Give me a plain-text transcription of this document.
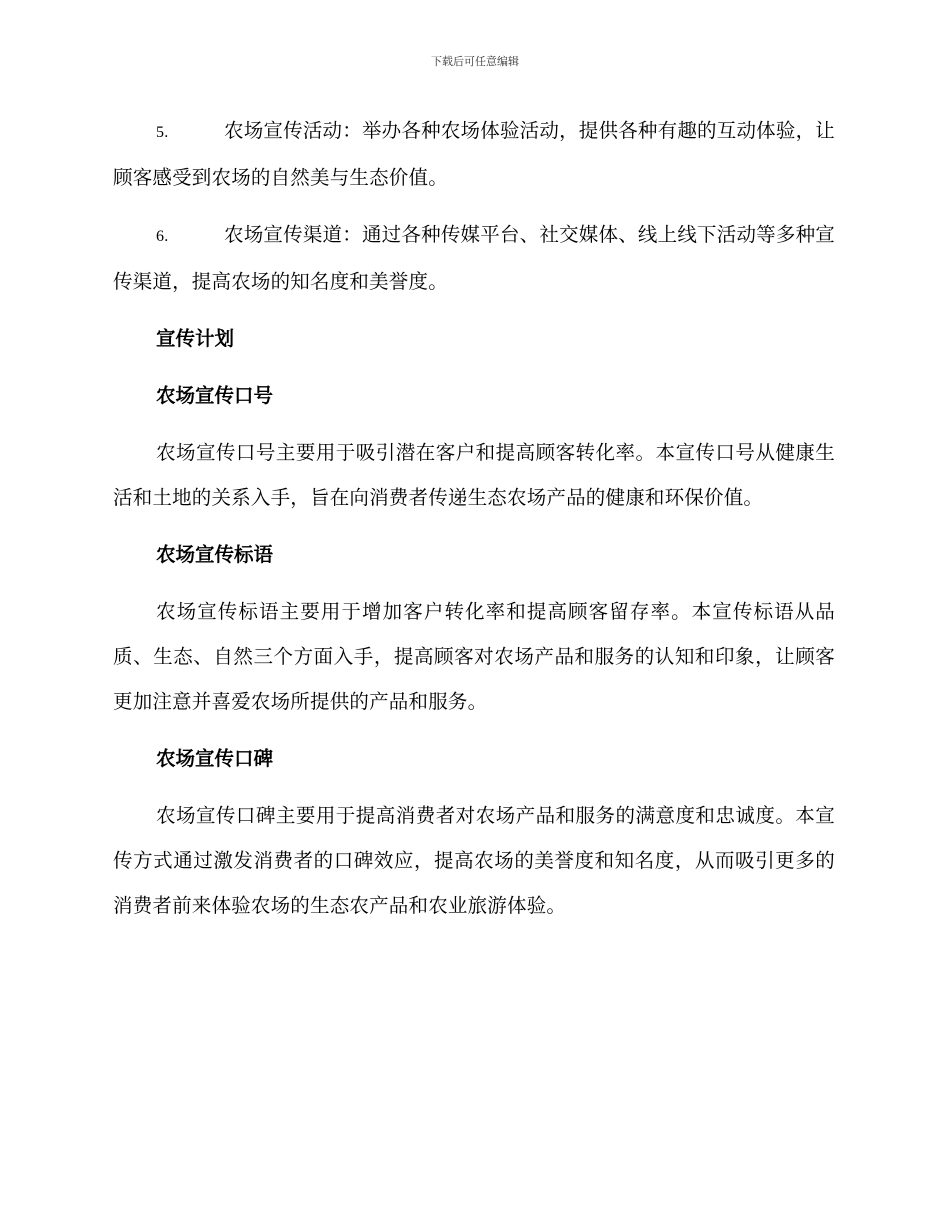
下载后可任意编辑

5.	农场宣传活动：举办各种农场体验活动，提供各种有趣的互动体验，让顾客感受到农场的自然美与生态价值。

6.	农场宣传渠道：通过各种传媒平台、社交媒体、线上线下活动等多种宣传渠道，提高农场的知名度和美誉度。

宣传计划
农场宣传口号

农场宣传口号主要用于吸引潜在客户和提高顾客转化率。本宣传口号从健康生活和土地的关系入手，旨在向消费者传递生态农场产品的健康和环保价值。

农场宣传标语

农场宣传标语主要用于增加客户转化率和提高顾客留存率。本宣传标语从品质、生态、自然三个方面入手，提高顾客对农场产品和服务的认知和印象，让顾客更加注意并喜爱农场所提供的产品和服务。

农场宣传口碑

农场宣传口碑主要用于提高消费者对农场产品和服务的满意度和忠诚度。本宣传方式通过激发消费者的口碑效应，提高农场的美誉度和知名度，从而吸引更多的消费者前来体验农场的生态农产品和农业旅游体验。
